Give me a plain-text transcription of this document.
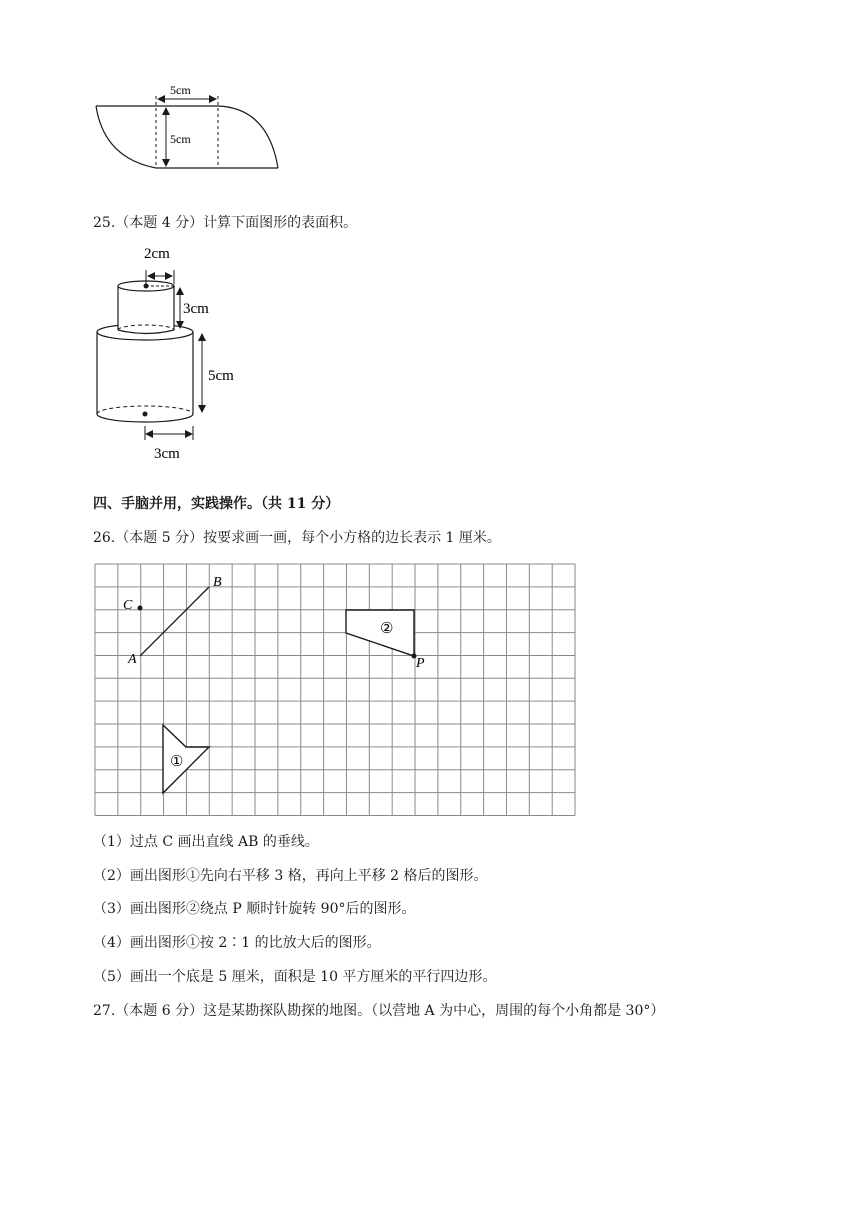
5cm
5cm
25.（本题 4 分）计算下面图形的表面积。
2cm
3cm
5cm
3cm
四、手脑并用，实践操作。（共 11 分）
26.（本题 5 分）按要求画一画，每个小方格的边长表示 1 厘米。
B
C
A
②
P
①
（1）过点 C 画出直线 AB 的垂线。
（2）画出图形①先向右平移 3 格，再向上平移 2 格后的图形。
（3）画出图形②绕点 P 顺时针旋转 90°后的图形。
（4）画出图形①按 2∶1 的比放大后的图形。
（5）画出一个底是 5 厘米，面积是 10 平方厘米的平行四边形。
27.（本题 6 分）这是某勘探队勘探的地图。（以营地 A 为中心，周围的每个小角都是 30°）
